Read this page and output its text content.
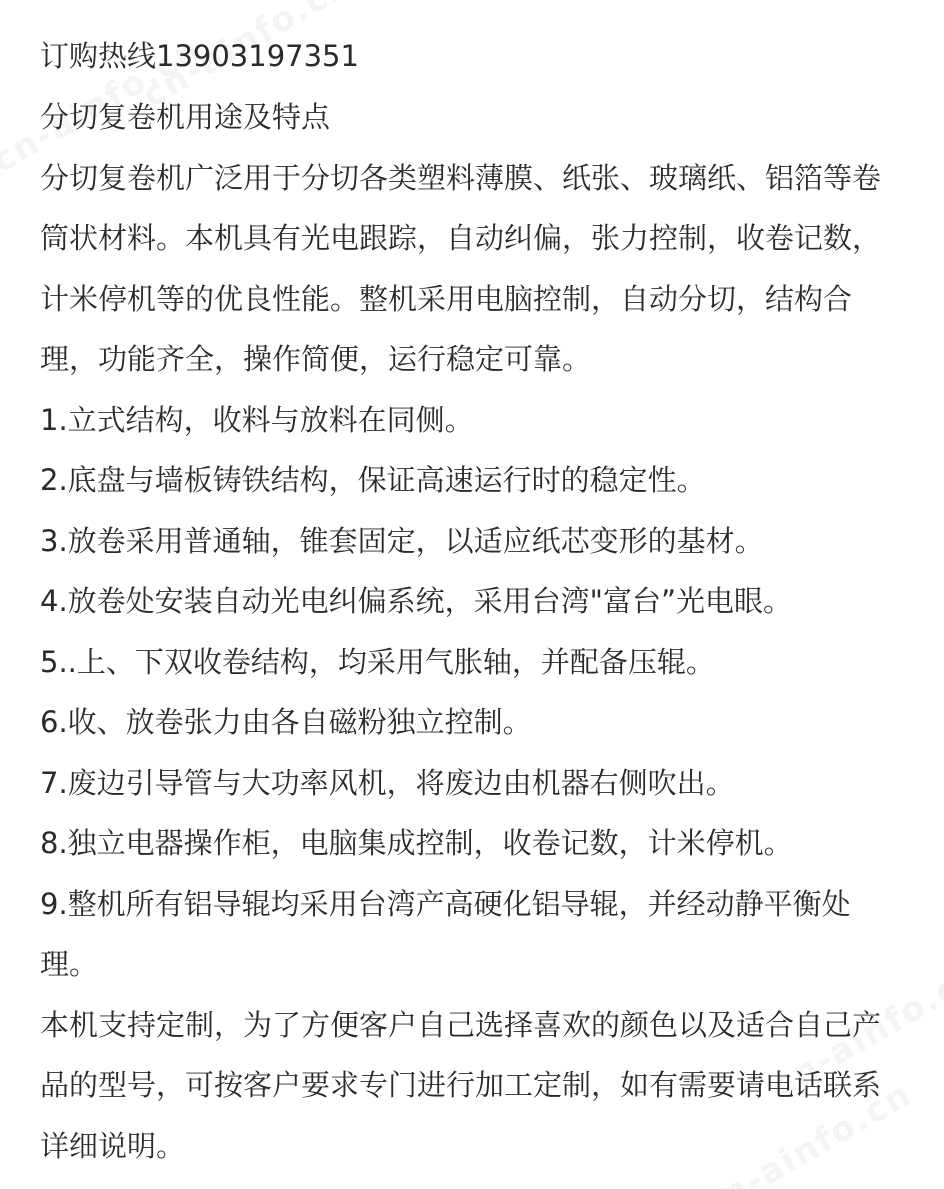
订购热线13903197351
分切复卷机用途及特点
分切复卷机广泛用于分切各类塑料薄膜、纸张、玻璃纸、铝箔等卷筒状材料。本机具有光电跟踪，自动纠偏，张力控制，收卷记数，计米停机等的优良性能。整机采用电脑控制，自动分切，结构合理，功能齐全，操作简便，运行稳定可靠。
1.立式结构，收料与放料在同侧。
2.底盘与墙板铸铁结构，保证高速运行时的稳定性。
3.放卷采用普通轴，锥套固定，以适应纸芯变形的基材。
4.放卷处安装自动光电纠偏系统，采用台湾"富台”光电眼。
5..上、下双收卷结构，均采用气胀轴，并配备压辊。
6.收、放卷张力由各自磁粉独立控制。
7.废边引导管与大功率风机，将废边由机器右侧吹出。
8.独立电器操作柜，电脑集成控制，收卷记数，计米停机。
9.整机所有铝导辊均采用台湾产高硬化铝导辊，并经动静平衡处理。
本机支持定制，为了方便客户自己选择喜欢的颜色以及适合自己产品的型号，可按客户要求专门进行加工定制，如有需要请电话联系详细说明。
